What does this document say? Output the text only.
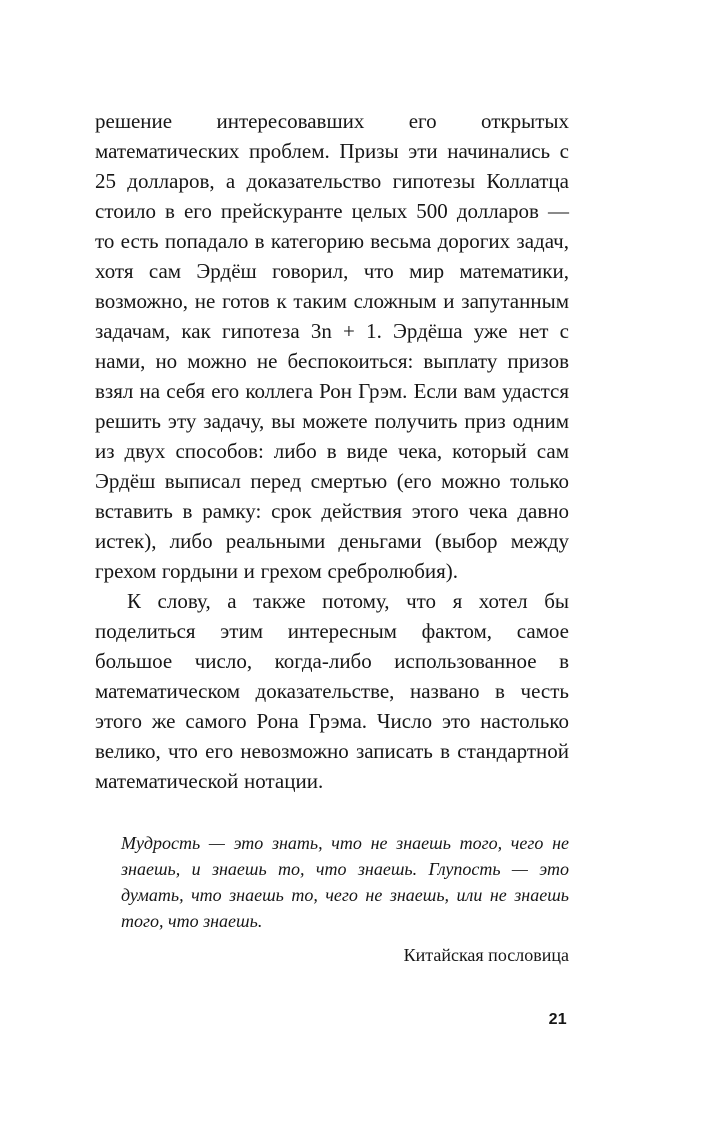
решение интересовавших его открытых математических проблем. Призы эти начинались с 25 долларов, а доказательство гипотезы Коллатца стоило в его прейскуранте целых 500 долларов — то есть попадало в категорию весьма дорогих задач, хотя сам Эрдёш говорил, что мир математики, возможно, не готов к таким сложным и запутанным задачам, как гипотеза 3n + 1. Эрдёша уже нет с нами, но можно не беспокоиться: выплату призов взял на себя его коллега Рон Грэм. Если вам удастся решить эту задачу, вы можете получить приз одним из двух способов: либо в виде чека, который сам Эрдёш выписал перед смертью (его можно только вставить в рамку: срок действия этого чека давно истек), либо реальными деньгами (выбор между грехом гордыни и грехом сребролюбия).

К слову, а также потому, что я хотел бы поделиться этим интересным фактом, самое большое число, когда-либо использованное в математическом доказательстве, названо в честь этого же самого Рона Грэма. Число это настолько велико, что его невозможно записать в стандартной математической нотации.

Мудрость — это знать, что не знаешь того, чего не знаешь, и знаешь то, что знаешь. Глупость — это думать, что знаешь то, чего не знаешь, или не знаешь того, что знаешь.

Китайская пословица

21
